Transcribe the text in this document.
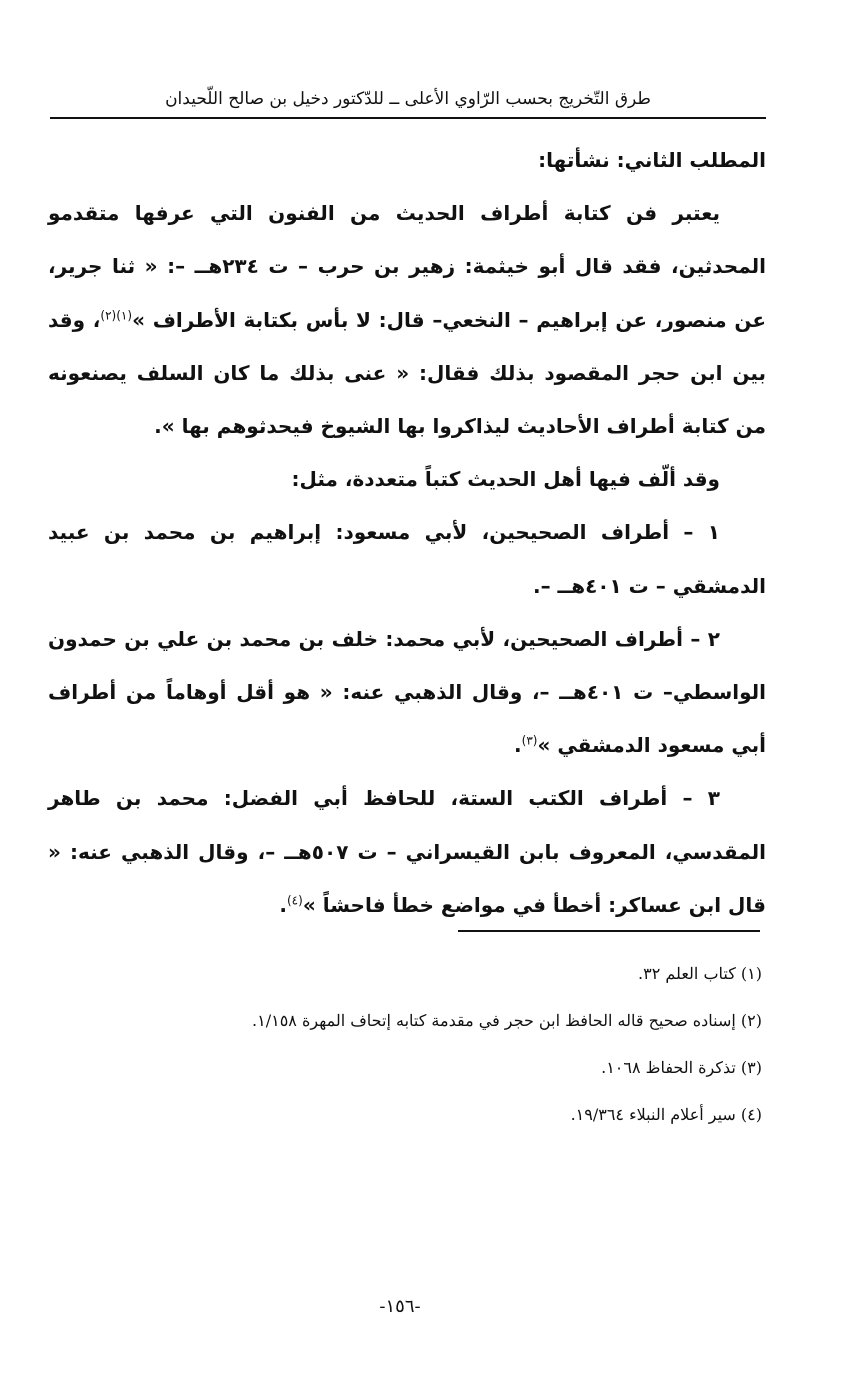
طرق التّخريج بحسب الرّاوي الأعلى ــ للدّكتور دخيل بن صالح اللّحيدان

المطلب الثاني: نشأتها:

يعتبر فن كتابة أطراف الحديث من الفنون التي عرفها متقدمو المحدثين، فقد قال أبو خيثمة: زهير بن حرب – ت ٢٣٤هــ –: « ثنا جرير، عن منصور، عن إبراهيم – النخعي– قال: لا بأس بكتابة الأطراف »$^{(١)(٢)}$، وقد بين ابن حجر المقصود بذلك فقال: « عنى بذلك ما كان السلف يصنعونه من كتابة أطراف الأحاديث ليذاكروا بها الشيوخ فيحدثوهم بها ».

وقد ألّف فيها أهل الحديث كتباً متعددة، مثل:

١ – أطراف الصحيحين، لأبي مسعود: إبراهيم بن محمد بن عبيد الدمشقي – ت ٤٠١هــ –.

٢ – أطراف الصحيحين، لأبي محمد: خلف بن محمد بن علي بن حمدون الواسطي– ت ٤٠١هــ –، وقال الذهبي عنه: « هو أقل أوهاماً من أطراف أبي مسعود الدمشقي »$^{(٣)}$.

٣ – أطراف الكتب الستة، للحافظ أبي الفضل: محمد بن طاهر المقدسي، المعروف بابن القيسراني – ت ٥٠٧هــ –، وقال الذهبي عنه: « قال ابن عساكر: أخطأ في مواضع خطأ فاحشاً »$^{(٤)}$.

(١) كتاب العلم ٣٢.

(٢) إسناده صحيح قاله الحافظ ابن حجر في مقدمة كتابه إتحاف المهرة ١/١٥٨.

(٣) تذكرة الحفاظ ١٠٦٨.

(٤) سير أعلام النبلاء ١٩/٣٦٤.

-١٥٦-
